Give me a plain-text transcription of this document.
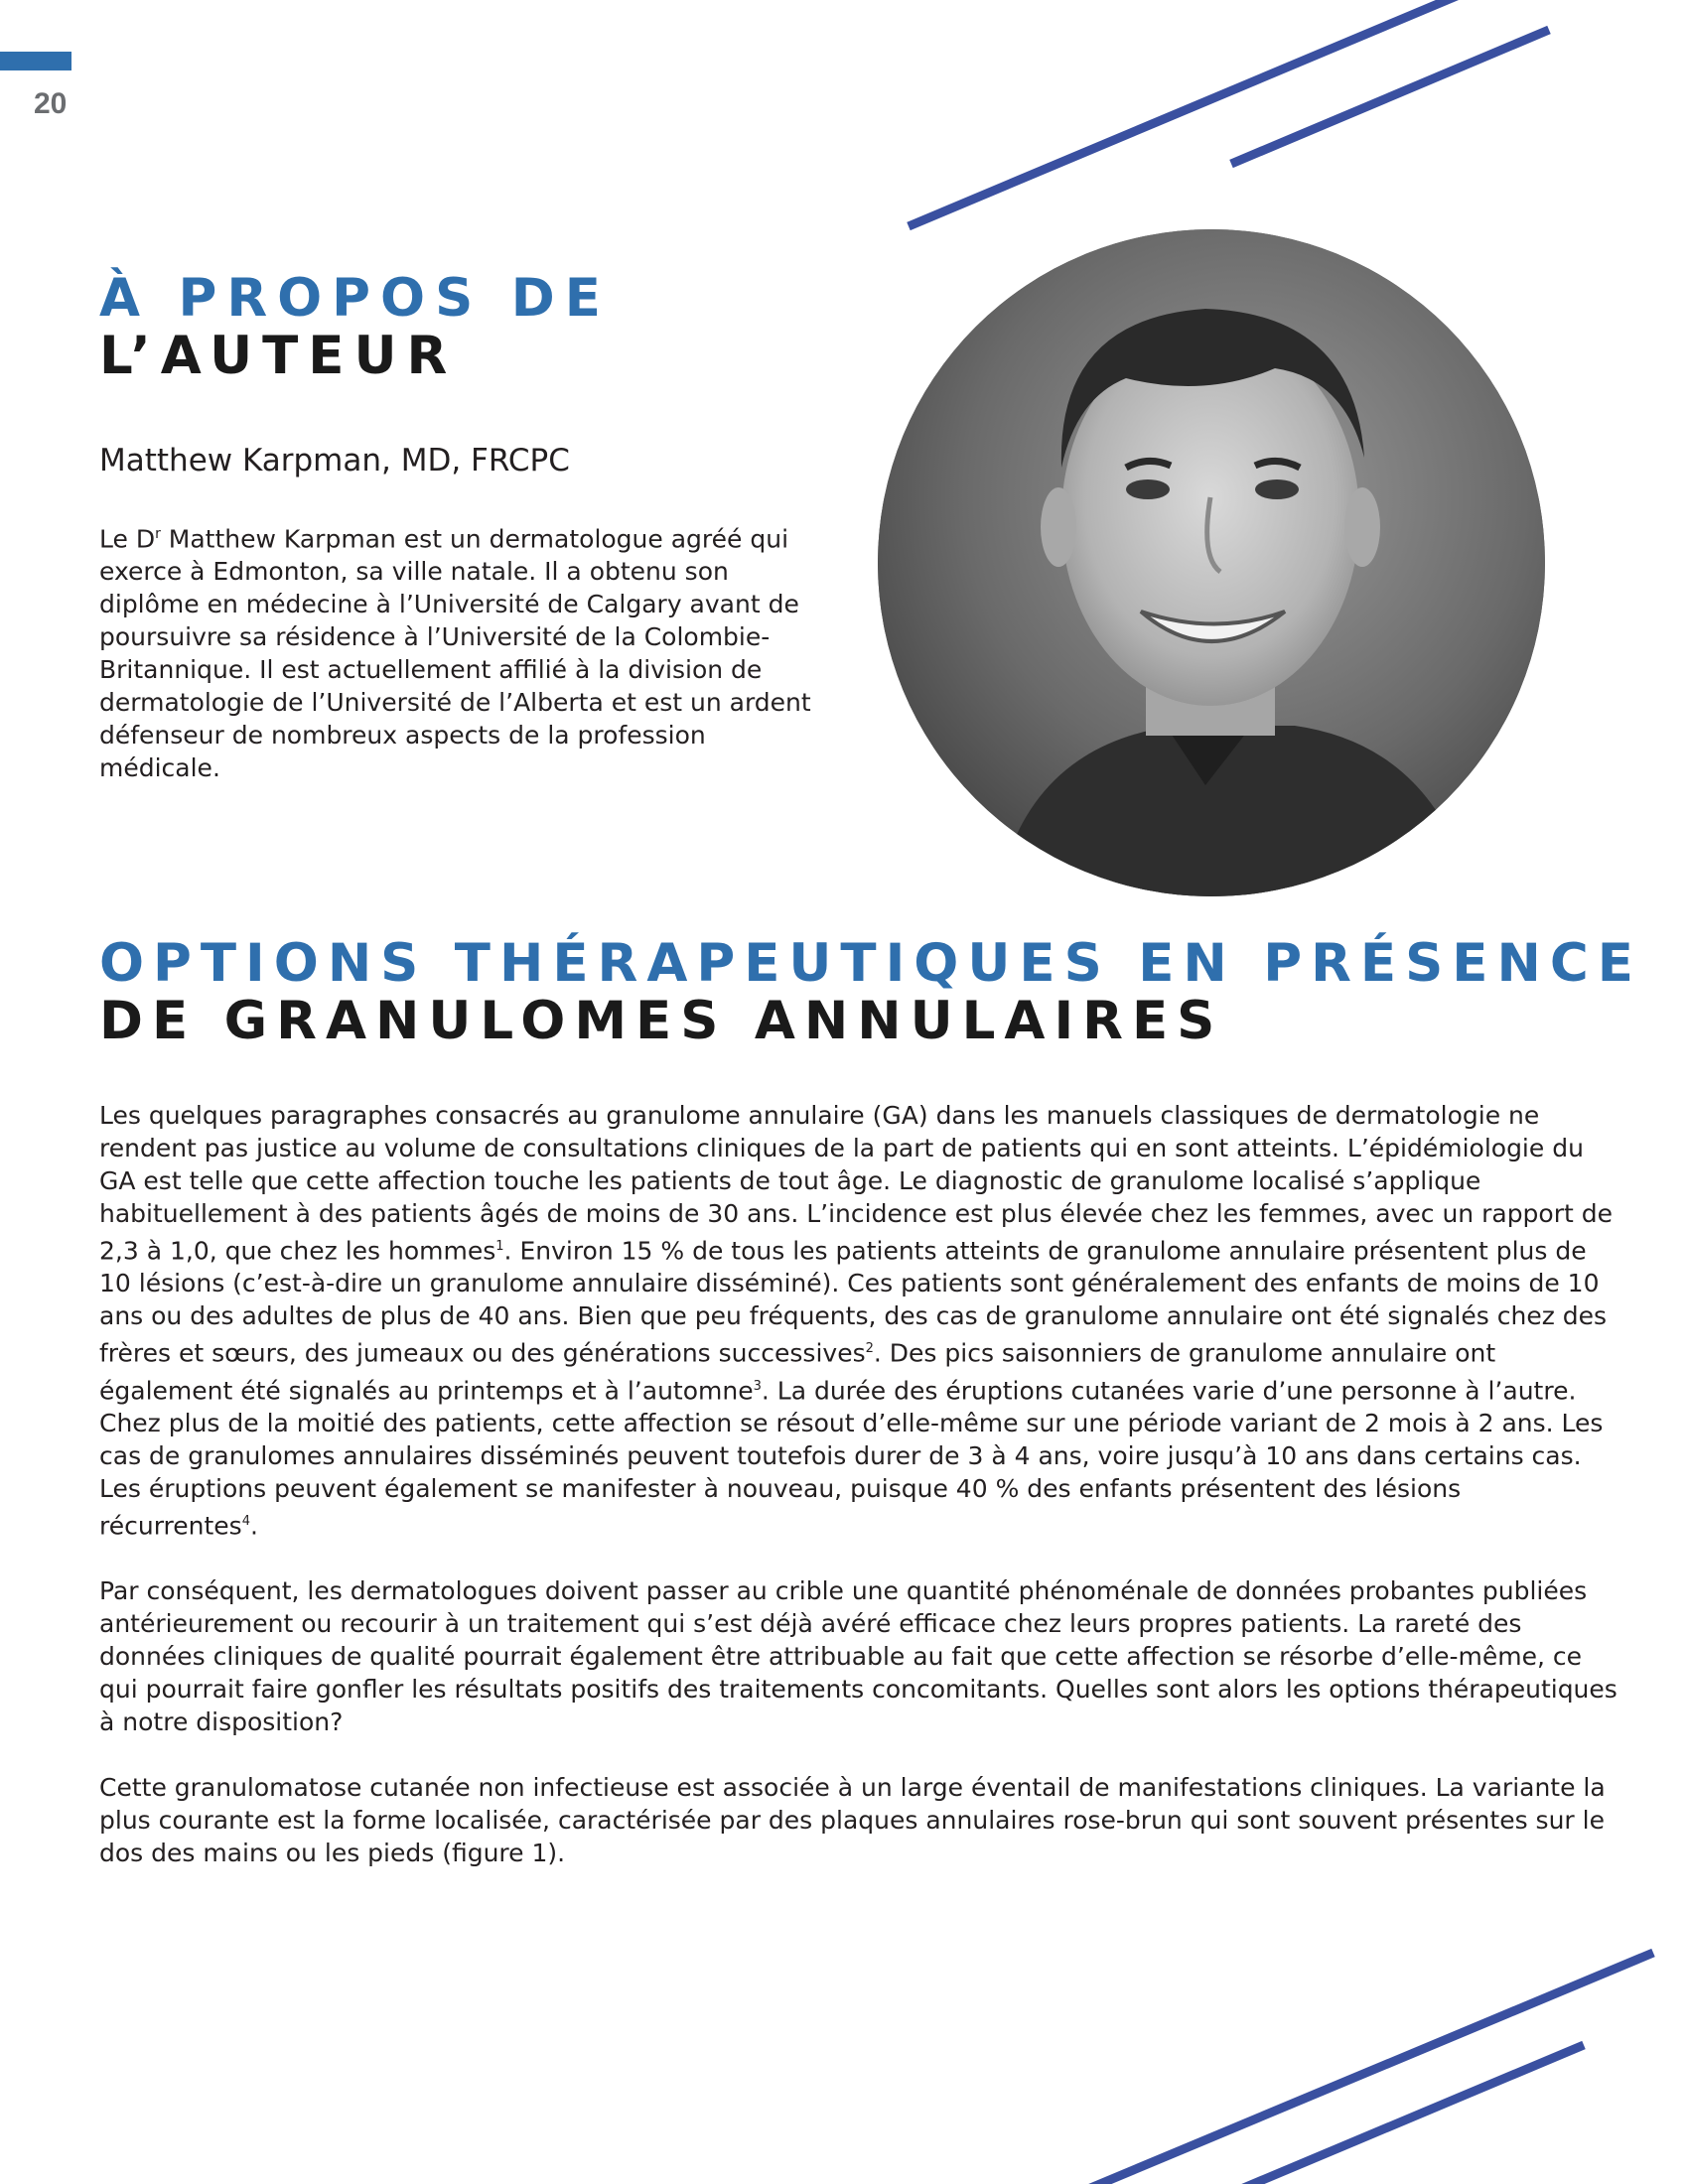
20
À PROPOS DE
L’AUTEUR
Matthew Karpman, MD, FRCPC

Le $D^r$ Matthew Karpman est un dermatologue agréé qui exerce à Edmonton, sa ville natale. Il a obtenu son diplôme en médecine à l’Université de Calgary avant de poursuivre sa résidence à l’Université de la Colombie-Britannique. Il est actuellement affilié à la division de dermatologie de l’Université de l’Alberta et est un ardent défenseur de nombreux aspects de la profession médicale.

OPTIONS THÉRAPEUTIQUES EN PRÉSENCE
DE GRANULOMES ANNULAIRES

Les quelques paragraphes consacrés au granulome annulaire (GA) dans les manuels classiques de dermatologie ne rendent pas justice au volume de consultations cliniques de la part de patients qui en sont atteints. L’épidémiologie du GA est telle que cette affection touche les patients de tout âge. Le diagnostic de granulome localisé s’applique habituellement à des patients âgés de moins de 30 ans. L’incidence est plus élevée chez les femmes, avec un rapport de 2,3 à 1,0, que chez les hommes$^1$. Environ 15 % de tous les patients atteints de granulome annulaire présentent plus de 10 lésions (c’est-à-dire un granulome annulaire disséminé). Ces patients sont généralement des enfants de moins de 10 ans ou des adultes de plus de 40 ans. Bien que peu fréquents, des cas de granulome annulaire ont été signalés chez des frères et sœurs, des jumeaux ou des générations successives$^2$. Des pics saisonniers de granulome annulaire ont également été signalés au printemps et à l’automne$^3$. La durée des éruptions cutanées varie d’une personne à l’autre. Chez plus de la moitié des patients, cette affection se résout d’elle-même sur une période variant de 2 mois à 2 ans. Les cas de granulomes annulaires disséminés peuvent toutefois durer de 3 à 4 ans, voire jusqu’à 10 ans dans certains cas. Les éruptions peuvent également se manifester à nouveau, puisque 40 % des enfants présentent des lésions récurrentes$^4$.

Par conséquent, les dermatologues doivent passer au crible une quantité phénoménale de données probantes publiées antérieurement ou recourir à un traitement qui s’est déjà avéré efficace chez leurs propres patients. La rareté des données cliniques de qualité pourrait également être attribuable au fait que cette affection se résorbe d’elle-même, ce qui pourrait faire gonfler les résultats positifs des traitements concomitants. Quelles sont alors les options thérapeutiques à notre disposition?

Cette granulomatose cutanée non infectieuse est associée à un large éventail de manifestations cliniques. La variante la plus courante est la forme localisée, caractérisée par des plaques annulaires rose-brun qui sont souvent présentes sur le dos des mains ou les pieds (figure 1).
